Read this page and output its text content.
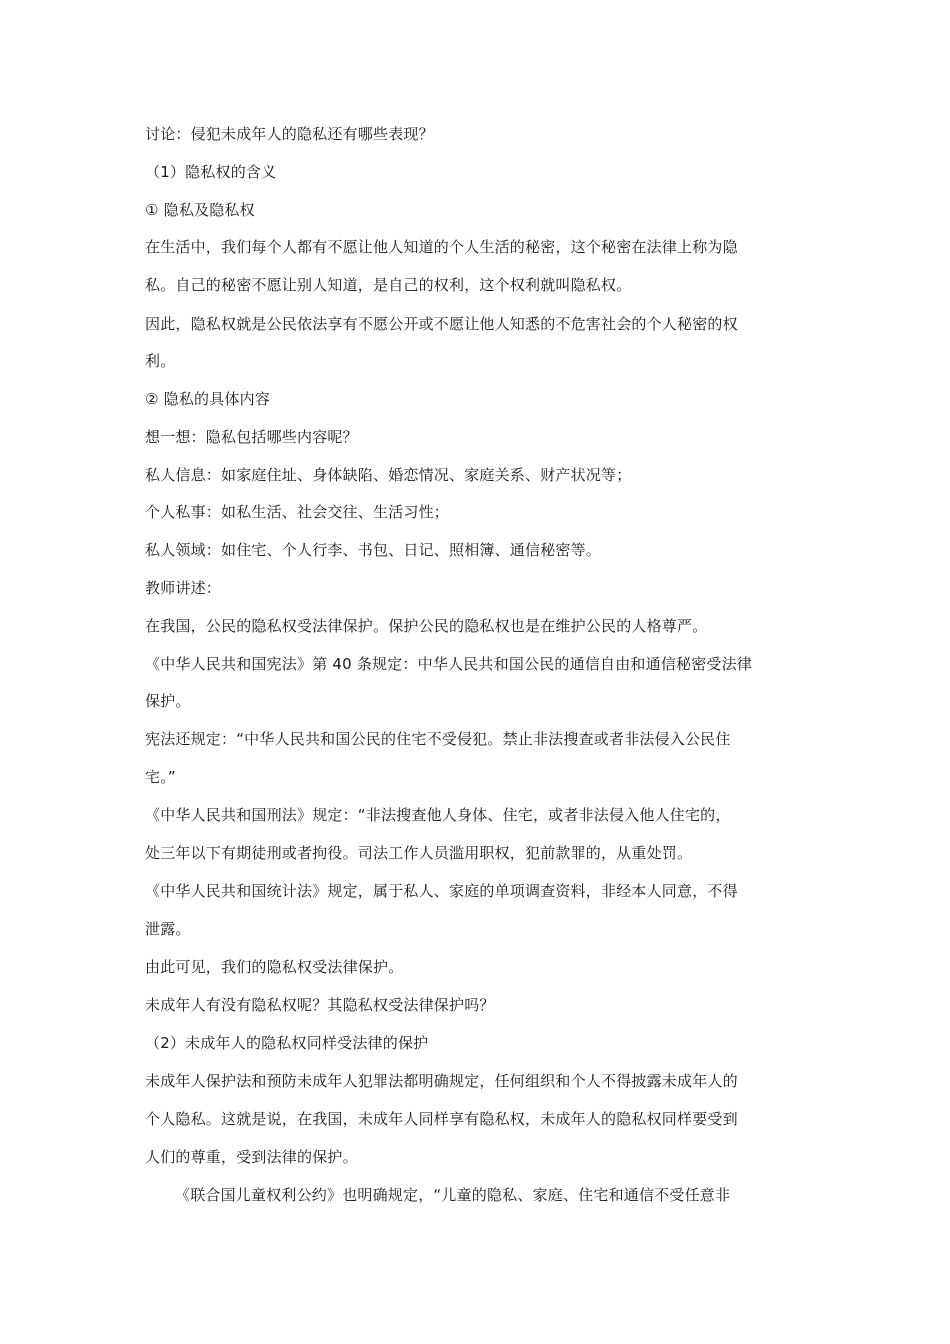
讨论：侵犯未成年人的隐私还有哪些表现？
（1）隐私权的含义
① 隐私及隐私权
在生活中，我们每个人都有不愿让他人知道的个人生活的秘密，这个秘密在法律上称为隐
私。自己的秘密不愿让别人知道，是自己的权利，这个权利就叫隐私权。
因此，隐私权就是公民依法享有不愿公开或不愿让他人知悉的不危害社会的个人秘密的权
利。
② 隐私的具体内容
想一想：隐私包括哪些内容呢？
私人信息：如家庭住址、身体缺陷、婚恋情况、家庭关系、财产状况等；
个人私事：如私生活、社会交往、生活习性；
私人领域：如住宅、个人行李、书包、日记、照相簿、通信秘密等。
教师讲述：
在我国，公民的隐私权受法律保护。保护公民的隐私权也是在维护公民的人格尊严。
《中华人民共和国宪法》第 40 条规定：中华人民共和国公民的通信自由和通信秘密受法律
保护。
宪法还规定：“中华人民共和国公民的住宅不受侵犯。禁止非法搜查或者非法侵入公民住
宅。”
《中华人民共和国刑法》规定：“非法搜查他人身体、住宅，或者非法侵入他人住宅的，
处三年以下有期徒刑或者拘役。司法工作人员滥用职权，犯前款罪的，从重处罚。
《中华人民共和国统计法》规定，属于私人、家庭的单项调查资料，非经本人同意，不得
泄露。
由此可见，我们的隐私权受法律保护。
未成年人有没有隐私权呢？其隐私权受法律保护吗？
（2）未成年人的隐私权同样受法律的保护
未成年人保护法和预防未成年人犯罪法都明确规定，任何组织和个人不得披露未成年人的
个人隐私。这就是说，在我国，未成年人同样享有隐私权，未成年人的隐私权同样要受到
人们的尊重，受到法律的保护。
《联合国儿童权利公约》也明确规定，“儿童的隐私、家庭、住宅和通信不受任意非
